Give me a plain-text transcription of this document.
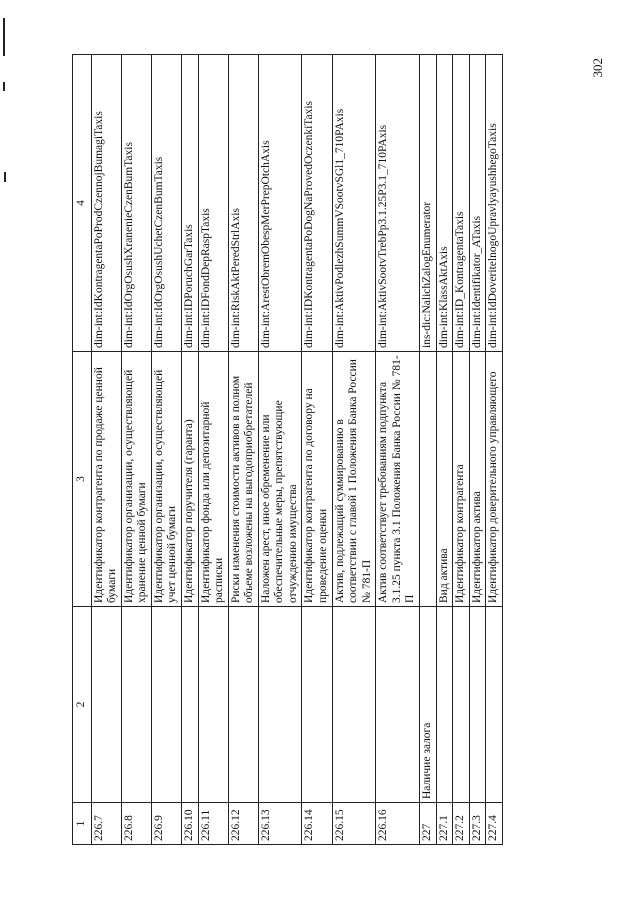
302
1	2	3	4
226.7		Идентификатор контрагента по продаже ценной бумаги	dim-int:IdKontragentaPoProdCzennojBumagiTaxis
226.8		Идентификатор организации, осуществляющей хранение ценной бумаги	dim-int:IdOrgOsushXranenieCzenBumTaxis
226.9		Идентификатор организации, осуществляющей учет ценной бумаги	dim-int:IdOrgOsushUchetCzenBumTaxis
226.10		Идентификатор поручителя (гаранта)	dim-int:IDPoruchGarTaxis
226.11		Идентификатор фонда или депозитарной расписки	dim-int:IDFondDepRaspTaxis
226.12		Риски изменения стоимости активов в полном объеме возложены на выгодоприобретателей	dim-int:RiskAktPeredStrlAxis
226.13		Наложен арест, иное обременение или обеспечительные меры, препятствующие отчуждению имущества	dim-int:ArestObremObespMerPrepOtchAxis
226.14		Идентификатор контрагента по договору на проведение оценки	dim-int:IDKontragentaPoDogNaProvedOczenkiTaxis
226.15		Актив, подлежащий суммированию в соответствии с главой 1 Положения Банка России № 781-П	dim-int:AktivPodlezhSummVSootvSGl1_710PAxis
226.16		Актив соответствует требованиям подпункта 3.1.25 пункта 3.1 Положения Банка России № 781-П	dim-int:AktivSootvTrebPp3.1.25P3.1_710PAxis
227	Наличие залога		ins-dic:NalichZalogEnumerator
227.1		Вид актива	dim-int:KlassAktAxis
227.2		Идентификатор контрагента	dim-int:ID_KontragentaTaxis
227.3		Идентификатор актива	dim-int:Identifikator_ATaxis
227.4		Идентификатор доверительного управляющего	dim-int:IdDoveritelnogoUpravlyayushhegoTaxis
